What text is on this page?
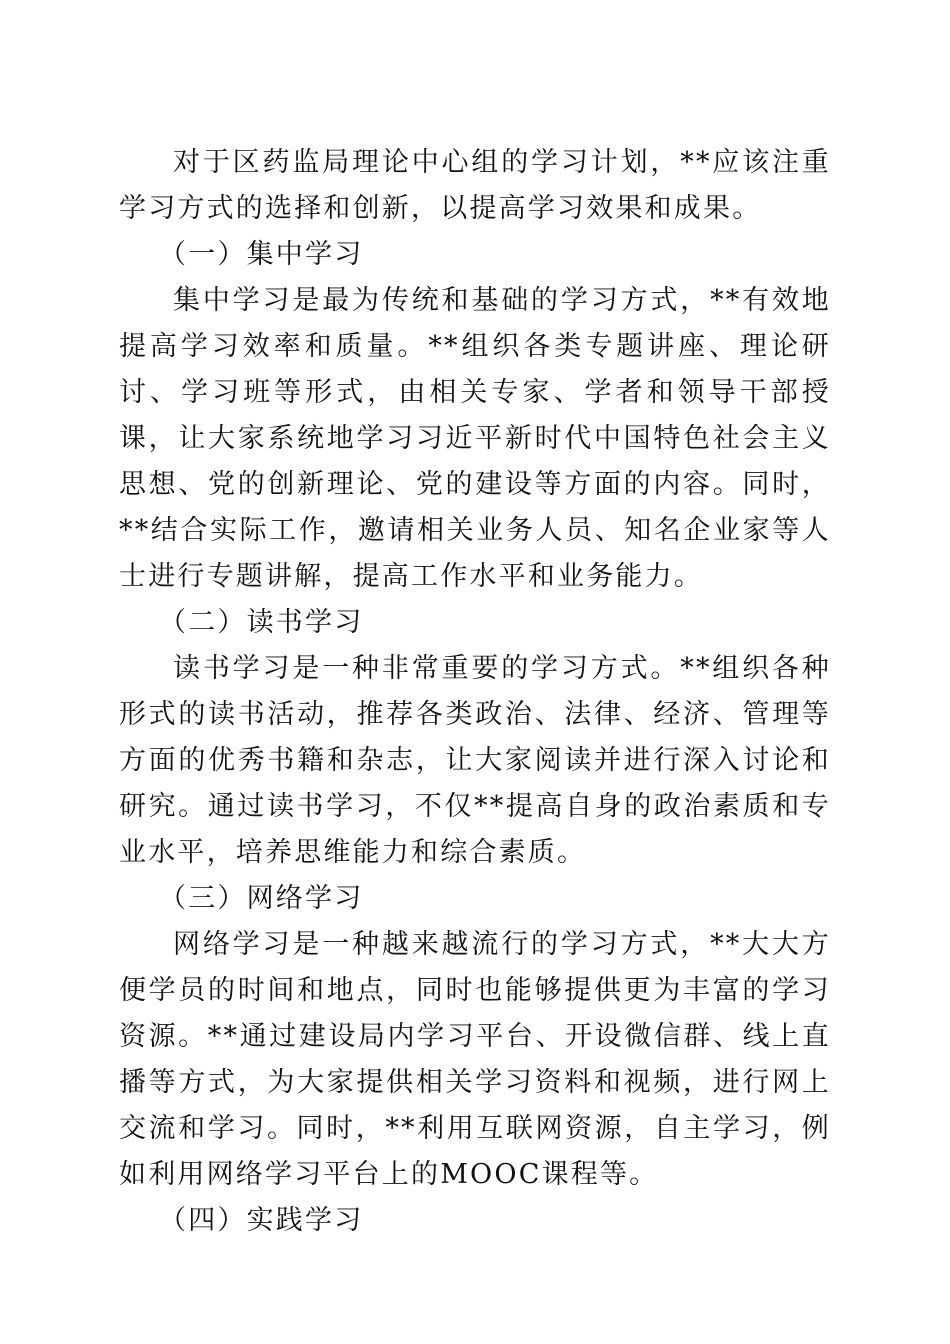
对于区药监局理论中心组的学习计划，**应该注重学习方式的选择和创新，以提高学习效果和成果。

（一）集中学习

集中学习是最为传统和基础的学习方式，**有效地提高学习效率和质量。**组织各类专题讲座、理论研讨、学习班等形式，由相关专家、学者和领导干部授课，让大家系统地学习习近平新时代中国特色社会主义思想、党的创新理论、党的建设等方面的内容。同时，**结合实际工作，邀请相关业务人员、知名企业家等人士进行专题讲解，提高工作水平和业务能力。

（二）读书学习

读书学习是一种非常重要的学习方式。**组织各种形式的读书活动，推荐各类政治、法律、经济、管理等方面的优秀书籍和杂志，让大家阅读并进行深入讨论和研究。通过读书学习，不仅**提高自身的政治素质和专业水平，培养思维能力和综合素质。

（三）网络学习

网络学习是一种越来越流行的学习方式，**大大方便学员的时间和地点，同时也能够提供更为丰富的学习资源。**通过建设局内学习平台、开设微信群、线上直播等方式，为大家提供相关学习资料和视频，进行网上交流和学习。同时，**利用互联网资源，自主学习，例如利用网络学习平台上的MOOC课程等。

（四）实践学习
